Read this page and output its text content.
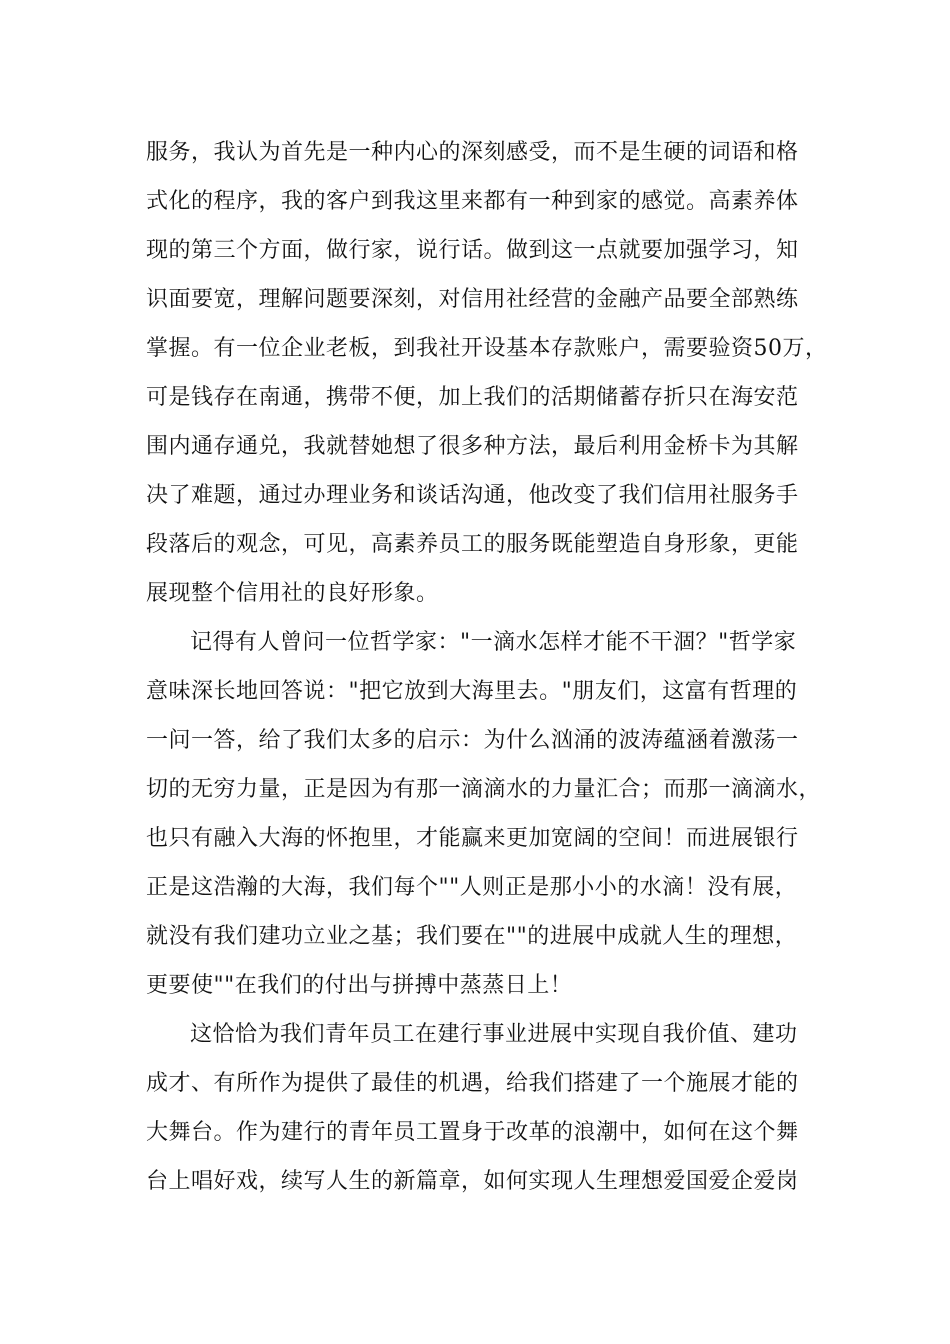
服务，我认为首先是一种内心的深刻感受，而不是生硬的词语和格
式化的程序，我的客户到我这里来都有一种到家的感觉。高素养体
现的第三个方面，做行家，说行话。做到这一点就要加强学习，知
识面要宽，理解问题要深刻，对信用社经营的金融产品要全部熟练
掌握。有一位企业老板，到我社开设基本存款账户，需要验资50万，
可是钱存在南通，携带不便，加上我们的活期储蓄存折只在海安范
围内通存通兑，我就替她想了很多种方法，最后利用金桥卡为其解
决了难题，通过办理业务和谈话沟通，他改变了我们信用社服务手
段落后的观念，可见，高素养员工的服务既能塑造自身形象，更能
展现整个信用社的良好形象。
记得有人曾问一位哲学家："一滴水怎样才能不干涸？"哲学家
意味深长地回答说："把它放到大海里去。"朋友们，这富有哲理的
一问一答，给了我们太多的启示：为什么汹涌的波涛蕴涵着激荡一
切的无穷力量，正是因为有那一滴滴水的力量汇合；而那一滴滴水，
也只有融入大海的怀抱里，才能赢来更加宽阔的空间！而进展银行
正是这浩瀚的大海，我们每个""人则正是那小小的水滴！没有展，
就没有我们建功立业之基；我们要在""的进展中成就人生的理想，
更要使""在我们的付出与拼搏中蒸蒸日上！
这恰恰为我们青年员工在建行事业进展中实现自我价值、建功
成才、有所作为提供了最佳的机遇，给我们搭建了一个施展才能的
大舞台。作为建行的青年员工置身于改革的浪潮中，如何在这个舞
台上唱好戏，续写人生的新篇章，如何实现人生理想爱国爱企爱岗
